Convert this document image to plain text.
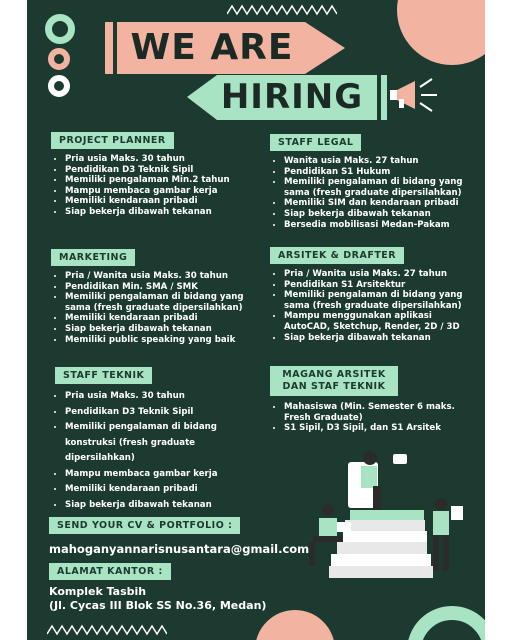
WE ARE
HIRING
PROJECT PLANNER
• Pria usia Maks. 30 tahun
• Pendidikan D3 Teknik Sipil
• Memiliki pengalaman Min.2 tahun
• Mampu membaca gambar kerja
• Memiliki kendaraan pribadi
• Siap bekerja dibawah tekanan
STAFF LEGAL
• Wanita usia Maks. 27 tahun
• Pendidikan S1 Hukum
• Memiliki pengalaman di bidang yang sama (fresh graduate dipersilahkan)
• Memiliki SIM dan kendaraan pribadi
• Siap bekerja dibawah tekanan
• Bersedia mobilisasi Medan-Pakam
MARKETING
• Pria / Wanita usia Maks. 30 tahun
• Pendidikan Min. SMA / SMK
• Memiliki pengalaman di bidang yang sama (fresh graduate dipersilahkan)
• Memiliki kendaraan pribadi
• Siap bekerja dibawah tekanan
• Memiliki public speaking yang baik
ARSITEK & DRAFTER
• Pria / Wanita usia Maks. 27 tahun
• Pendidikan S1 Arsitektur
• Memiliki pengalaman di bidang yang sama (fresh graduate dipersilahkan)
• Mampu menggunakan aplikasi AutoCAD, Sketchup, Render, 2D / 3D
• Siap bekerja dibawah tekanan
STAFF TEKNIK
• Pria usia Maks. 30 tahun
• Pendidikan D3 Teknik Sipil
• Memiliki pengalaman di bidang konstruksi (fresh graduate dipersilahkan)
• Mampu membaca gambar kerja
• Memiliki kendaraan pribadi
• Siap bekerja dibawah tekanan
MAGANG ARSITEK DAN STAF TEKNIK
• Mahasiswa (Min. Semester 6 maks. Fresh Graduate)
• S1 Sipil, D3 Sipil, dan S1 Arsitek
SEND YOUR CV & PORTFOLIO :
mahoganyannarisnusantara@gmail.com
ALAMAT KANTOR :
Komplek Tasbih
(Jl. Cycas III Blok SS No.36, Medan)
